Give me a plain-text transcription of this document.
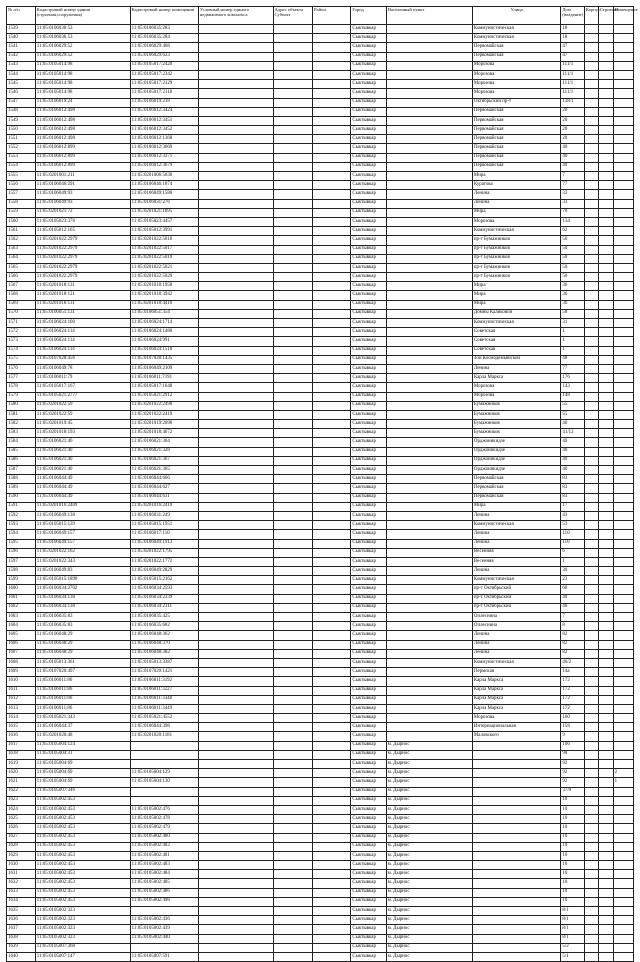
№ п/п	Кадастровый номер здания (строения,сооружения)	Кадастровый номер помещения	Условный номер единого недвижимого комплекса	Адрес объекта
Субъект	Район	Город	Населенный пункт	Улица	Дом (владение)	Корпус	Строение	Помещение
1539	11:05:0106036:53	11:05:0106035:283				Сыктывкар		Коммунистическая	18			
1540	11:05:0106036:53	11:05:0106035:284				Сыктывкар		Коммунистическая	18			
1541	11:05:0106029:52	11:05:0106029:468				Сыктывкар		Первомайская	47			
1542	11:05:0106029:52	11:05:0106029:623				Сыктывкар		Первомайская	47			
1543	11:05:0105014:98	11:05:0105017:2420				Сыктывкар		Морозова	111/1			
1544	11:05:0105014:98	11:05:0105017:2342				Сыктывкар		Морозова	111/1			
1545	11:05:0105014:98	11:05:0105017:2129				Сыктывкар		Морозова	111/1			
1546	11:05:0105014:98	11:05:0105017:2118				Сыктывкар		Морозова	111/1			
1547	11:05:0106019:24	11:05:0106019:218				Сыктывкар		Октябрьский пр-т	138/1			
1548	11:05:0106012:498	11:05:0106012:3424				Сыктывкар		Первомайская	20			
1549	11:05:0106012:498	11:05:0106012:3451				Сыктывкар		Первомайская	20			
1550	11:05:0106012:498	11:05:0106012:3452				Сыктывкар		Первомайская	20			
1551	11:05:0106012:498	11:05:0106012:1368				Сыктывкар		Первомайская	20			
1552	11:05:0106012:899	11:05:0106012:3669				Сыктывкар		Первомайская	40			
1553	11:05:0106012:899	11:05:0106012:3371				Сыктывкар		Первомайская	40			
1554	11:05:0106012:899	11:05:0106012:3679				Сыктывкар		Первомайская	40			
1555	11:05:0201001:211	11:05:0201006:5630				Сыктывкар		Мира	7			
1556	11:05:0106046:291	11:05:0106046:1874				Сыктывкар		Куратова	77			
1557	11:05:0106049:93	11:05:0106049:1580				Сыктывкар		Ленина	33			
1558	11:05:0106049:93	11:05:0106031:276				Сыктывкар		Ленина	33			
1559	11:05:0201021:72	11:05:0201021:1895				Сыктывкар		Мира	70			
1560	11:05:0105023:376	11:05:0105023:4457				Сыктывкар		Морозова	134			
1561	11:05:0105012:165	11:05:0105012:3991				Сыктывкар		Коммунистическая	62			
1562	11:05:0201022:2979	11:05:0201022:5018				Сыктывкар		пр-т Бумажников	50			
1563	11:05:0201022:2979	11:05:0201022:5017				Сыктывкар		пр-т Бумажников	50			
1564	11:05:0201022:2979	11:05:0201022:5019				Сыктывкар		пр-т Бумажников	50			
1565	11:05:0201022:2979	11:05:0201022:5021				Сыктывкар		пр-т Бумажников	50			
1566	11:05:0201022:2979	11:05:0201022:5020				Сыктывкар		пр-т Бумажников	50			
1567	11:05:0201018:131	11:05:0201018:1958				Сыктывкар		Мира	36			
1568	11:05:0201018:121	11:05:0201018:3942				Сыктывкар		Мира	36			
1569	11:05:0201018:131	11:05:0201018:4410				Сыктывкар		Мира	36			
1570	11:05:0106051:131	11:05:0106051:354				Сыктывкар		Домны Каликовой	58			
1571	11:05:0106024:100	11:05:0106024:1714				Сыктывкар		Коммунистическая	31			
1572	11:05:0106024:114	11:05:0106024:1480				Сыктывкар		Советская	1			
1573	11:05:0106024:114	11:05:0106024:991				Сыктывкар		Советская	1			
1574	11:05:0106024:114	11:05:0106024:1518				Сыктывкар		Советская	1			
1575	11:05:0107028:456	11:05:0107028:1435				Сыктывкар		Зои Космодемьянской	48			
1576	11:05:0106049:78	11:05:0106049:2109				Сыктывкар		Ленина	77			
1577	11:05:0106011:79	11:05:0106011:7191				Сыктывкар		Карла Маркса	176			
1578	11:05:0105017:167	11:05:0105017:1648				Сыктывкар		Морозова	143			
1579	11:05:0105021:2777	11:05:0105021:2912				Сыктывкар		Морозова	148			
1580	11:05:0201022:59	11:05:0201022:2490				Сыктывкар		Бумажников	55			
1581	11:05:0201022:59	11:05:0201022:2419				Сыктывкар		Бумажников	55			
1582	11:05:0201019:45	11:05:0201019:2090				Сыктывкар		Бумажников	40			
1583	11:05:0201018:193	11:05:0201018:4672				Сыктывкар		Бумажников	41/12			
1584	11:05:0106021:40	11:05:0106021:364				Сыктывкар		Орджоникидзе	40			
1585	11:05:0106021:40	11:05:0106021:328				Сыктывкар		Орджоникидзе	40			
1586	11:05:0106021:40	11:05:0106021:367				Сыктывкар		Орджоникидзе	40			
1587	11:05:0106021:40	11:05:0106021:365				Сыктывкар		Орджоникидзе	40			
1588	11:05:0106044:49	11:05:0106044:666				Сыктывкар		Первомайская	83			
1589	11:05:0106044:49	11:05:0106044:627				Сыктывкар		Первомайская	83			
1590	11:05:0106044:49	11:05:0106044:631				Сыктывкар		Первомайская	83			
1591	11:05:0201016:2409	11:05:0201016:2419				Сыктывкар		Мира	17			
1592	11:05:0106049:138	11:05:0106031:249				Сыктывкар		Ленина	43			
1593	11:05:0105015:139	11:05:0105015:1951				Сыктывкар		Коммунистическая	53			
1594	11:05:0106049:157	11:05:0106017:110				Сыктывкар		Ленина	110			
1595	11:05:0106049:157	11:05:0106049:1913				Сыктывкар		Ленина	110			
1596	11:05:0201022:162	11:05:0201022:1795				Сыктывкар		Весенняя	6			
1597	11:05:0201022:343	11:05:0201022:1772				Сыктывкар		Весенняя	1			
1598	11:05:0106049:83	11:05:0106049:2829				Сыктывкар		Ленина	30			
1599	11:05:0105015:1890	11:05:0105015:2162				Сыктывкар		Коммунистическая	23			
1600	11:05:0106034:2702	11:05:0106034:2593				Сыктывкар		пр-т Октябрьский	68			
1601	11:05:0106034:138	11:05:0106034:2339				Сыктывкар		пр-т Октябрьский	40			
1602	11:05:0106034:138	11:05:0106034:2311				Сыктывкар		пр-т Октябрьский	40			
1603	11:05:0106035:83	11:05:0106035:425				Сыктывкар		Оплеснина	7			
1604	11:05:0106035:83	11:05:0106035:682				Сыктывкар		Оплеснина	8			
1605	11:05:0106048:29	11:05:0106048:362				Сыктывкар		Ленина	82			
1606	11:05:0106048:29	11:05:0106048:370				Сыктывкар		Ленина	82			
1607	11:05:0106048:29	11:05:0106048:382				Сыктывкар		Ленина	82			
1608	11:05:0105013:361	11:05:0105013:3387				Сыктывкар		Коммунистическая	46/2			
1609	11:05:0107020:497	11:05:0107020:1421				Сыктывкар		Пермская	14а			
1610	11:05:0106011:86	11:05:0106011:3192				Сыктывкар		Карла Маркса	172			
1611	11:05:0106011:86	11:05:0106011:3227				Сыктывкар		Карла Маркса	172			
1612	11:05:0106011:86	11:05:0106011:3348				Сыктывкар		Карла Маркса	172			
1613	11:05:0106011:86	11:05:0106011:3449				Сыктывкар		Карла Маркса	172			
1614	11:05:0105021:343	11:05:0105021:4552				Сыктывкар		Морозова	160			
1615	11:05:0106044:37	11:05:0106044:398				Сыктывкар		Интернациональная	158			
1616	11:05:0201020:48	11:05:0201020:1181				Сыктывкар		Маловского	9			
1617	11:05:0105004:124					Сыктывкар	м. Дырнос		106			
1618	11:05:0105004:31					Сыктывкар	м. Дырнос		98			
1619	11:05:0105004:69					Сыктывкар	м. Дырнос		92			
1620	11:05:0105004:69	11:05:0105004:129				Сыктывкар	м. Дырнос		92			2
1621	11:05:0105004:69	11:05:0105004:130				Сыктывкар	м. Дырнос		92			1
1622	11:05:0105007:346					Сыктывкар	м. Дырнос		37/0			
1623	11:05:0105002:453					Сыктывкар	м. Дырнос		10			
1624	11:05:0105002:453	11:05:0105002:476				Сыктывкар	м. Дырнос		10			
1625	11:05:0105002:453	11:05:0105002:478				Сыктывкар	м. Дырнос		10			
1626	11:05:0105002:453	11:05:0105002:479				Сыктывкар	м. Дырнос		10			
1627	11:05:0105002:453	11:05:0105002:480				Сыктывкар	м. Дырнос		10			
1628	11:05:0105002:453	11:05:0105002:482				Сыктывкар	м. Дырнос		10			
1629	11:05:0105002:453	11:05:0105002:481				Сыктывкар	м. Дырнос		10			
1630	11:05:0105002:453	11:05:0105002:483				Сыктывкар	м. Дырнос		10			
1631	11:05:0105002:453	11:05:0105002:484				Сыктывкар	м. Дырнос		10			
1632	11:05:0105002:453	11:05:0105002:485				Сыктывкар	м. Дырнос		10			
1633	11:05:0105002:453	11:05:0105002:486				Сыктывкар	м. Дырнос		10			
1634	11:05:0105002:453	11:05:0105002:498				Сыктывкар	м. Дырнос		10			
1635	11:05:0105002:323					Сыктывкар	м. Дырнос		8/1			
1636	11:05:0105002:323	11:05:0105002:436				Сыктывкар	м. Дырнос		8/1			
1637	11:05:0105002:323	11:05:0105002:439				Сыктывкар	м. Дырнос		8/1			
1638	11:05:0105002:323	11:05:0105002:440				Сыктывкар	м. Дырнос		8/1			
1639	11:05:0105007:368					Сыктывкар	м. Дырнос		5/2			
1640	11:05:0105007:147	11:05:0105007:591				Сыктывкар	м. Дырнос		5/1			
